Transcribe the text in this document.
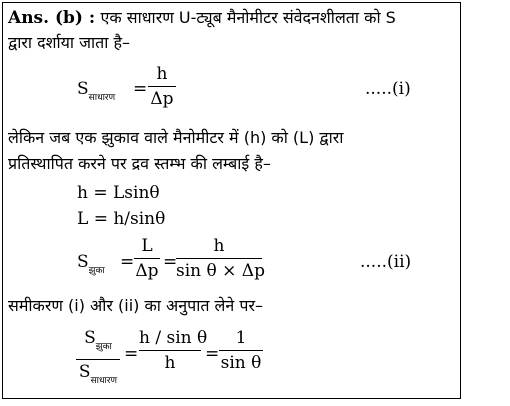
Ans. (b) : एक साधारण U-ट्यूब मैनोमीटर संवेदनशीलता को S
द्वारा दर्शाया जाता है–
$S_{साधारण}$ =
h
Δp	.....(i)
लेकिन जब एक झुकाव वाले मैनोमीटर में (h) को (L) द्वारा
प्रतिस्थापित करने पर द्रव स्तम्भ की लम्बाई है–
h = Lsinθ
L = h/sinθ
$S_{झुका}$ =
L
Δp =
h
sin θ × Δp	.....(ii)
समीकरण (i) और (ii) का अनुपात लेने पर–
$S_{झुका}$
$S_{साधारण}$
=
h / sin θ
h	=
1
sin θ
